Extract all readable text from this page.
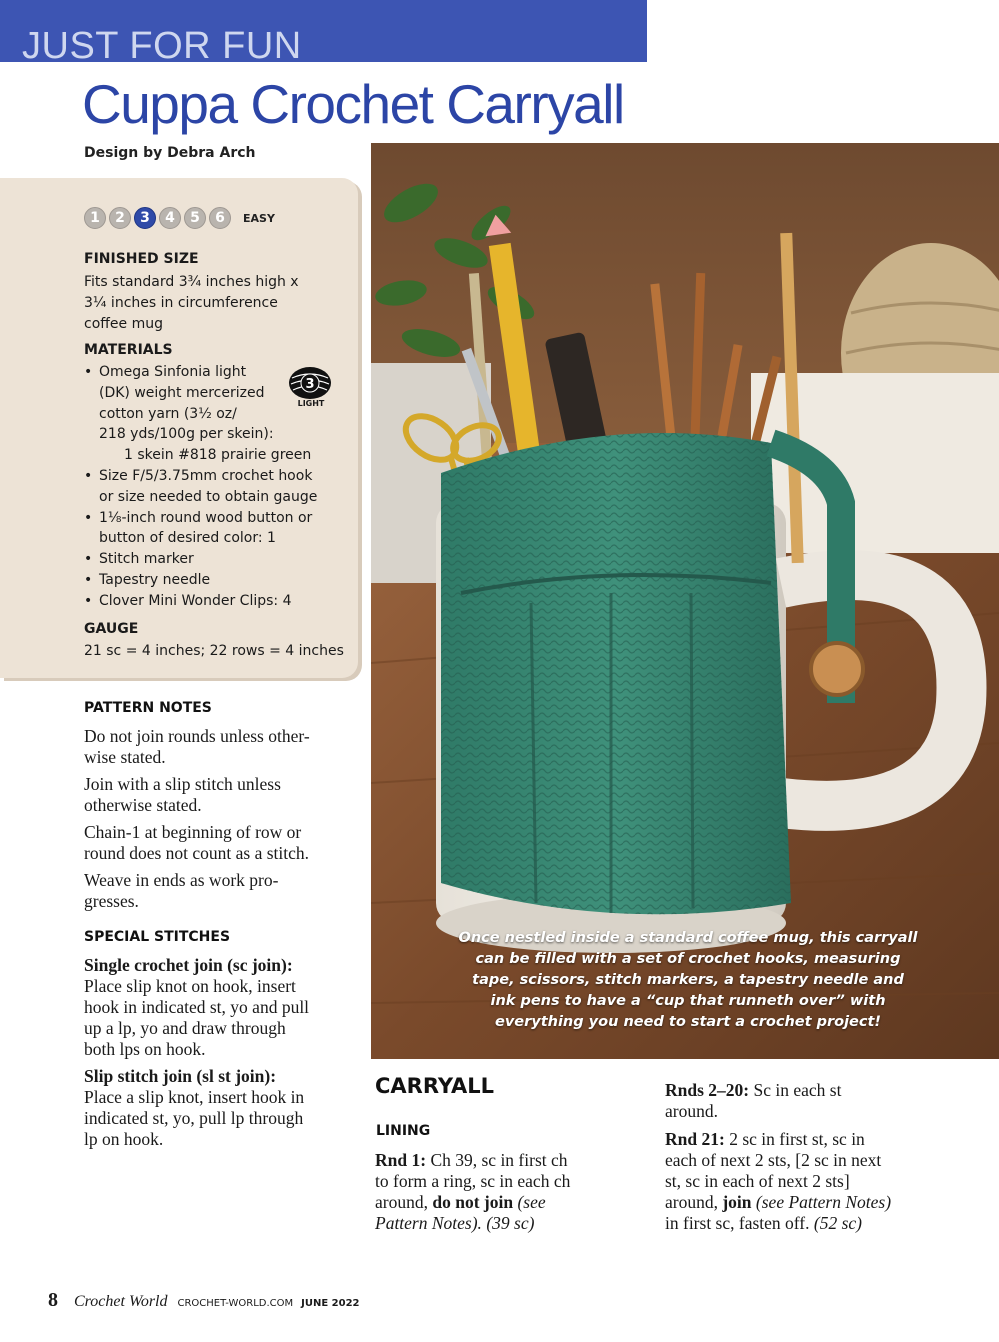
JUST FOR FUN
Cuppa Crochet Carryall
Design by Debra Arch
1	2	3	4	5	6	EASY
FINISHED SIZE
Fits standard 3¾ inches high x
3¼ inches in circumference
coffee mug
MATERIALS
• Omega Sinfonia light
(DK) weight mercerized
cotton yarn (3½ oz/
218 yds/100g per skein):
1 skein #818 prairie green
• Size F/5/3.75mm crochet hook
or size needed to obtain gauge
• 1⅛-inch round wood button or
button of desired color: 1
• Stitch marker
• Tapestry needle
• Clover Mini Wonder Clips: 4
3
LIGHT
GAUGE
21 sc = 4 inches; 22 rows = 4 inches
PATTERN NOTES
Do not join rounds unless other-
wise stated.
Join with a slip stitch unless
otherwise stated.
Chain-1 at beginning of row or
round does not count as a stitch.
Weave in ends as work pro-
gresses.
SPECIAL STITCHES
Single crochet join (sc join):
Place slip knot on hook, insert
hook in indicated st, yo and pull
up a lp, yo and draw through
both lps on hook.
Slip stitch join (sl st join):
Place a slip knot, insert hook in
indicated st, yo, pull lp through
lp on hook.
Once nestled inside a standard coffee mug, this carryall
can be filled with a set of crochet hooks, measuring
tape, scissors, stitch markers, a tapestry needle and
ink pens to have a “cup that runneth over” with
everything you need to start a crochet project!
CARRYALL
LINING
Rnd 1: Ch 39, sc in first ch
to form a ring, sc in each ch
around, do not join (see
Pattern Notes). (39 sc)
Rnds 2–20: Sc in each st
around.
Rnd 21: 2 sc in first st, sc in
each of next 2 sts, [2 sc in next
st, sc in each of next 2 sts]
around, join (see Pattern Notes)
in first sc, fasten off. (52 sc)
8 Crochet World CROCHET-WORLD.COM JUNE 2022
